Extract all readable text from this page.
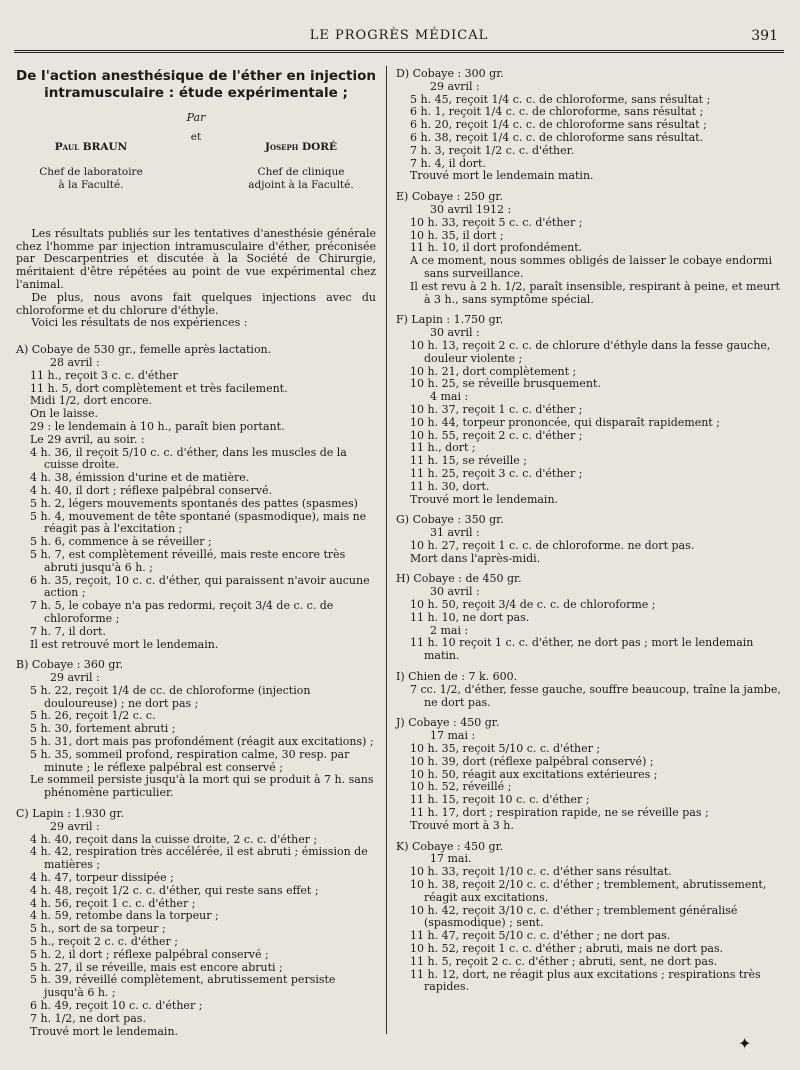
LE PROGRÈS MÉDICAL	391
De l'action anesthésique de l'éther en injection
intramusculaire : étude expérimentale ;
Par

Paul BRAUN

Chef de laboratoire
à la Faculté.

et

Joseph DORÉ

Chef de clinique
adjoint à la Faculté.

Les résultats publiés sur les tentatives d'anesthésie générale chez l'homme par injection intramusculaire d'éther, préconisée par Descarpentries et discutée à la Société de Chirurgie, méritaient d'être répétées au point de vue expérimental chez l'animal.

De plus, nous avons fait quelques injections avec du chloroforme et du chlorure d'éthyle.

Voici les résultats de nos expériences :

A) Cobaye de 530 gr., femelle après lactation.
28 avril :
11 h., reçoit 3 c. c. d'éther
11 h. 5, dort complètement et très facilement.
Midi 1/2, dort encore.
On le laisse.
29 : le lendemain à 10 h., paraît bien portant.
Le 29 avril, au soir. :
4 h. 36, il reçoit 5/10 c. c. d'éther, dans les muscles de la cuisse droite.
4 h. 38, émission d'urine et de matière.
4 h. 40, il dort ; réflexe palpébral conservé.
5 h. 2, légers mouvements spontanés des pattes (spasmes)
5 h. 4, mouvement de tête spontané (spasmodique), mais ne réagit pas à l'excitation ;
5 h. 6, commence à se réveiller ;
5 h. 7, est complètement réveillé, mais reste encore très abruti jusqu'à 6 h. ;
6 h. 35, reçoit, 10 c. c. d'éther, qui paraissent n'avoir aucune action ;
7 h. 5, le cobaye n'a pas redormi, reçoit 3/4 de c. c. de chloroforme ;
7 h. 7, il dort.
Il est retrouvé mort le lendemain.
B) Cobaye : 360 gr.
29 avril :
5 h. 22, reçoit 1/4 de cc. de chloroforme (injection douloureuse) ; ne dort pas ;
5 h. 26, reçoit 1/2 c. c.
5 h. 30, fortement abruti ;
5 h. 31, dort mais pas profondément (réagit aux excitations) ;
5 h. 35, sommeil profond, respiration calme, 30 resp. par minute ; le réflexe palpébral est conservé ;
Le sommeil persiste jusqu'à la mort qui se produit à 7 h. sans phénomène particulier.
C) Lapin : 1.930 gr.
29 avril :
4 h. 40, reçoit dans la cuisse droite, 2 c. c. d'éther ;
4 h. 42, respiration très accélérée, il est abruti ; émission de matières ;
4 h. 47, torpeur dissipée ;
4 h. 48, reçoit 1/2 c. c. d'éther, qui reste sans effet ;
4 h. 56, reçoit 1 c. c. d'éther ;
4 h. 59, retombe dans la torpeur ;
5 h., sort de sa torpeur ;
5 h., reçoit 2 c. c. d'éther ;
5 h. 2, il dort ; réflexe palpébral conservé ;
5 h. 27, il se réveille, mais est encore abruti ;
5 h. 39, réveillé complètement, abrutissement persiste jusqu'à 6 h. ;
6 h. 49, reçoit 10 c. c. d'éther ;
7 h. 1/2, ne dort pas.
Trouvé mort le lendemain.
D) Cobaye : 300 gr.
29 avril :
5 h. 45, reçoit 1/4 c. c. de chloroforme, sans résultat ;
6 h. 1, reçoit 1/4 c. c. de chloroforme, sans résultat ;
6 h. 20, reçoit 1/4 c. c. de chloroforme sans résultat ;
6 h. 38, reçoit 1/4 c. c. de chloroforme sans résultat.
7 h. 3, reçoit 1/2 c. c. d'éther.
7 h. 4, il dort.
Trouvé mort le lendemain matin.
E) Cobaye : 250 gr.
30 avril 1912 :
10 h. 33, reçoit 5 c. c. d'éther ;
10 h. 35, il dort ;
11 h. 10, il dort profondément.
A ce moment, nous sommes obligés de laisser le cobaye endormi sans surveillance.
Il est revu à 2 h. 1/2, paraît insensible, respirant à peine, et meurt à 3 h., sans symptôme spécial.
F) Lapin : 1.750 gr.
30 avril :
10 h. 13, reçoit 2 c. c. de chlorure d'éthyle dans la fesse gauche, douleur violente ;
10 h. 21, dort complètement ;
10 h. 25, se réveille brusquement.
4 mai :
10 h. 37, reçoit 1 c. c. d'éther ;
10 h. 44, torpeur prononcée, qui disparaît rapidement ;
10 h. 55, reçoit 2 c. c. d'éther ;
11 h., dort ;
11 h. 15, se réveille ;
11 h. 25, reçoit 3 c. c. d'éther ;
11 h. 30, dort.
Trouvé mort le lendemain.
G) Cobaye : 350 gr.
31 avril :
10 h. 27, reçoit 1 c. c. de chloroforme. ne dort pas.
Mort dans l'après-midi.
H) Cobaye : de 450 gr.
30 avril :
10 h. 50, reçoit 3/4 de c. c. de chloroforme ;
11 h. 10, ne dort pas.
2 mai :
11 h. 10 reçoit 1 c. c. d'éther, ne dort pas ; mort le lendemain matin.
I) Chien de : 7 k. 600.
7 cc. 1/2, d'éther, fesse gauche, souffre beaucoup, traîne la jambe, ne dort pas.
J) Cobaye : 450 gr.
17 mai :
10 h. 35, reçoit 5/10 c. c. d'éther ;
10 h. 39, dort (réflexe palpébral conservé) ;
10 h. 50, réagit aux excitations extérieures ;
10 h. 52, réveillé ;
11 h. 15, reçoit 10 c. c. d'éther ;
11 h. 17, dort ; respiration rapide, ne se réveille pas ;
Trouvé mort à 3 h.
K) Cobaye : 450 gr.
17 mai.
10 h. 33, reçoit 1/10 c. c. d'éther sans résultat.
10 h. 38, reçoit 2/10 c. c. d'éther ; tremblement, abrutissement, réagit aux excitations.
10 h. 42, reçoit 3/10 c. c. d'éther ; tremblement généralisé (spasmodique) ; sent.
11 h. 47, reçoit 5/10 c. c. d'éther ; ne dort pas.
10 h. 52, reçoit 1 c. c. d'éther ; abruti, mais ne dort pas.
11 h. 5, reçoit 2 c. c. d'éther ; abruti, sent, ne dort pas.
11 h. 12, dort, ne réagit plus aux excitations ; respirations très rapides.
✦
